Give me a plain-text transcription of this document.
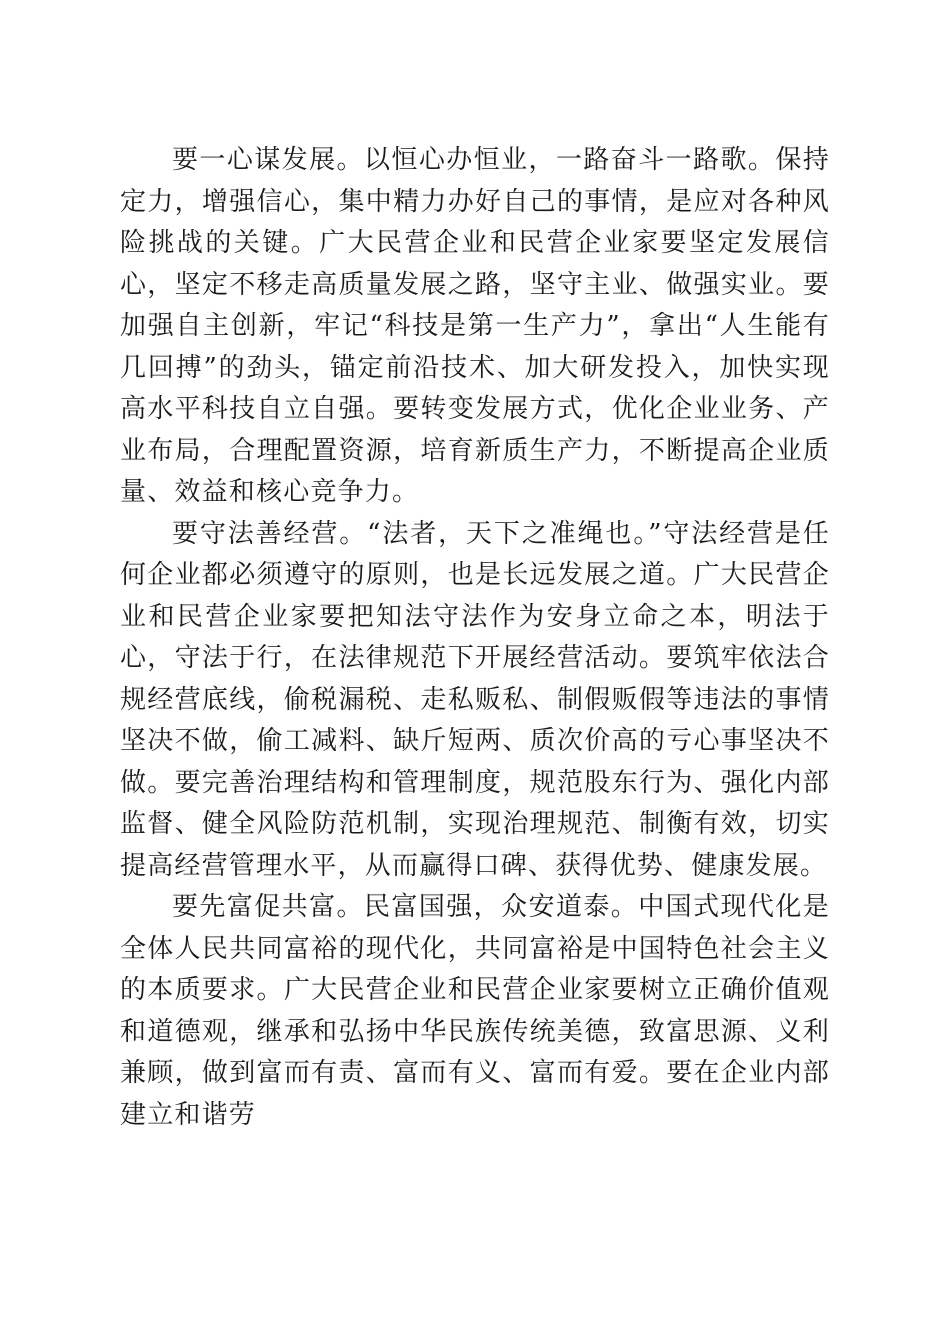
要一心谋发展。以恒心办恒业，一路奋斗一路歌。保持定力，增强信心，集中精力办好自己的事情，是应对各种风险挑战的关键。广大民营企业和民营企业家要坚定发展信心，坚定不移走高质量发展之路，坚守主业、做强实业。要加强自主创新，牢记“科技是第一生产力”，拿出“人生能有几回搏”的劲头，锚定前沿技术、加大研发投入，加快实现高水平科技自立自强。要转变发展方式，优化企业业务、产业布局，合理配置资源，培育新质生产力，不断提高企业质量、效益和核心竞争力。

要守法善经营。“法者，天下之准绳也。”守法经营是任何企业都必须遵守的原则，也是长远发展之道。广大民营企业和民营企业家要把知法守法作为安身立命之本，明法于心，守法于行，在法律规范下开展经营活动。要筑牢依法合规经营底线，偷税漏税、走私贩私、制假贩假等违法的事情坚决不做，偷工减料、缺斤短两、质次价高的亏心事坚决不做。要完善治理结构和管理制度，规范股东行为、强化内部监督、健全风险防范机制，实现治理规范、制衡有效，切实提高经营管理水平，从而赢得口碑、获得优势、健康发展。

要先富促共富。民富国强，众安道泰。中国式现代化是全体人民共同富裕的现代化，共同富裕是中国特色社会主义的本质要求。广大民营企业和民营企业家要树立正确价值观和道德观，继承和弘扬中华民族传统美德，致富思源、义利兼顾，做到富而有责、富而有义、富而有爱。要在企业内部建立和谐劳
